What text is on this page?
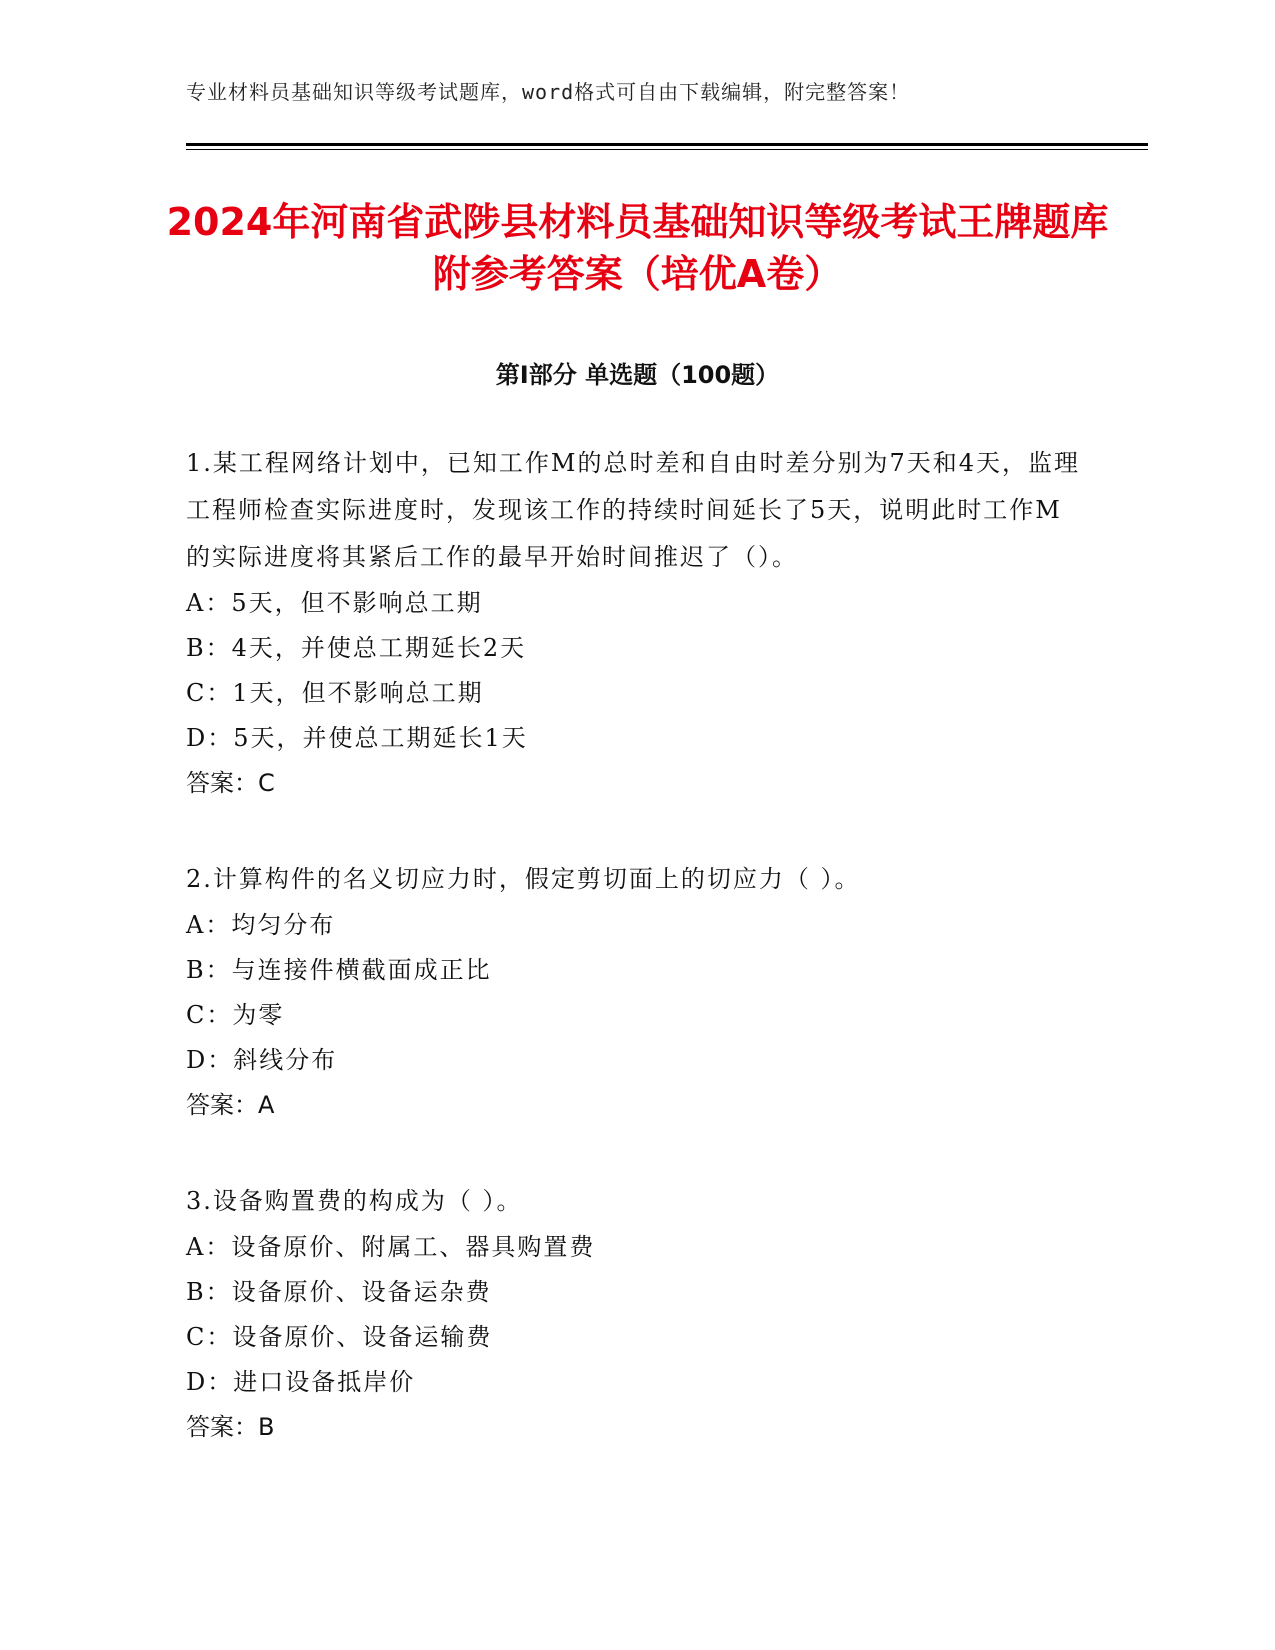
专业材料员基础知识等级考试题库，word格式可自由下载编辑，附完整答案！
2024年河南省武陟县材料员基础知识等级考试王牌题库附参考答案（培优A卷）
第Ⅰ部分 单选题（100题）

1.某工程网络计划中，已知工作M的总时差和自由时差分别为7天和4天，监理工程师检查实际进度时，发现该工作的持续时间延长了5天，说明此时工作M的实际进度将其紧后工作的最早开始时间推迟了（）。

A：5天，但不影响总工期

B：4天，并使总工期延长2天

C：1天，但不影响总工期

D：5天，并使总工期延长1天

答案：C

2.计算构件的名义切应力时，假定剪切面上的切应力（ ）。

A：均匀分布

B：与连接件横截面成正比

C：为零

D：斜线分布

答案：A

3.设备购置费的构成为（ ）。

A：设备原价、附属工、器具购置费

B：设备原价、设备运杂费

C：设备原价、设备运输费

D：进口设备抵岸价

答案：B
